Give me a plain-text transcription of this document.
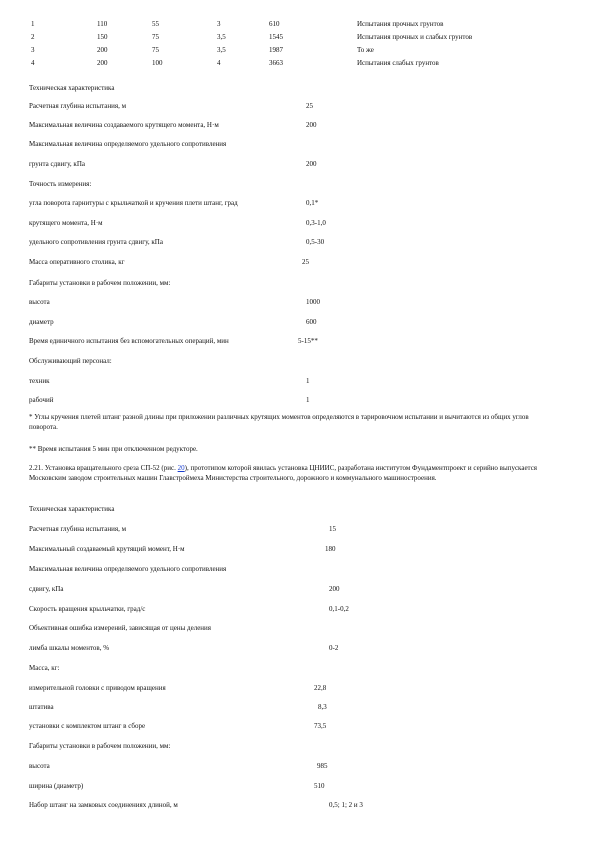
1	110	55	3	610	Испытания прочных грунтов
2	150	75	3,5	1545	Испытания прочных и слабых грунтов
3	200	75	3,5	1987	То же
4	200	100	4	3663	Испытания слабых грунтов
Техническая характеристика
Расчетная глубина испытания, м	25
Максимальная величина создаваемого крутящего момента, Н·м	200
Максимальная величина определяемого удельного сопротивления
грунта сдвигу, кПа	200
Точность измерения:
угла поворота гарнитуры с крыльчаткой и кручения плети штанг, град	0,1*
крутящего момента, Н·м	0,3-1,0
удельного сопротивления грунта сдвигу, кПа	0,5-30
Масса оперативного столика, кг	25
Габариты установки в рабочем положении, мм:
высота	1000
диаметр	600
Время единичного испытания без вспомогательных операций, мин	5-15**
Обслуживающий персонал:
техник	1
рабочий	1
* Углы кручения плетей штанг разной длины при приложении различных крутящих моментов определяются в тарировочном испытании и вычитаются из общих углов поворота.
** Время испытания 5 мин при отключенном редукторе.
2.21. Установка вращательного среза СП-52 (рис. 20), прототипом которой явилась установка ЦНИИС, разработана институтом Фундаментпроект и серийно выпускается Московским заводом строительных машин Главстроймеха Министерства строительного, дорожного и коммунального машиностроения.
Техническая характеристика
Расчетная глубина испытания, м	15
Максимальный создаваемый крутящий момент, Н·м	180
Максимальная величина определяемого удельного сопротивления
сдвигу, кПа	200
Скорость вращения крыльчатки, град/с	0,1-0,2
Объективная ошибка измерений, зависящая от цены деления
лимба шкалы моментов, %	0-2
Масса, кг:
измерительной головки с приводом вращения	22,8
штатива	8,3
установки с комплектом штанг в сборе	73,5
Габариты установки в рабочем положении, мм:
высота	985
ширина (диаметр)	510
Набор штанг на замковых соединениях длиной, м	0,5; 1; 2 и 3
